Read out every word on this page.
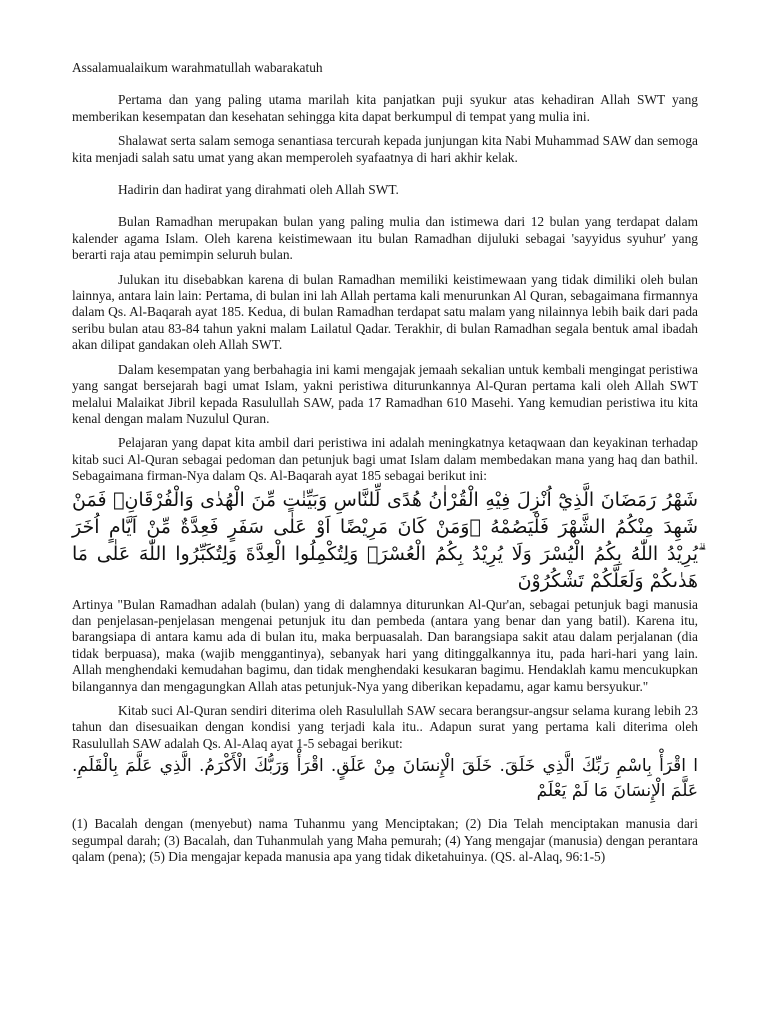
Assalamualaikum warahmatullah wabarakatuh

Pertama dan yang paling utama marilah kita panjatkan puji syukur atas kehadiran Allah SWT yang memberikan kesempatan dan kesehatan sehingga kita dapat berkumpul di tempat yang mulia ini.

Shalawat serta salam semoga senantiasa tercurah kepada junjungan kita Nabi Muhammad SAW dan semoga kita menjadi salah satu umat yang akan memperoleh syafaatnya di hari akhir kelak.

Hadirin dan hadirat yang dirahmati oleh Allah SWT.

Bulan Ramadhan merupakan bulan yang paling mulia dan istimewa dari 12 bulan yang terdapat dalam kalender agama Islam. Oleh karena keistimewaan itu bulan Ramadhan dijuluki sebagai 'sayyidus syuhur' yang berarti raja atau pemimpin seluruh bulan.

Julukan itu disebabkan karena di bulan Ramadhan memiliki keistimewaan yang tidak dimiliki oleh bulan lainnya, antara lain lain: Pertama, di bulan ini lah Allah pertama kali menurunkan Al Quran, sebagaimana firmannya dalam Qs. Al-Baqarah ayat 185. Kedua, di bulan Ramadhan terdapat satu malam yang nilainnya lebih baik dari pada seribu bulan atau 83-84 tahun yakni malam Lailatul Qadar. Terakhir, di bulan Ramadhan segala bentuk amal ibadah akan dilipat gandakan oleh Allah SWT.

Dalam kesempatan yang berbahagia ini kami mengajak jemaah sekalian untuk kembali mengingat peristiwa yang sangat bersejarah bagi umat Islam, yakni peristiwa diturunkannya Al-Quran pertama kali oleh Allah SWT melalui Malaikat Jibril kepada Rasulullah SAW, pada 17 Ramadhan 610 Masehi. Yang kemudian peristiwa itu kita kenal dengan malam Nuzulul Quran.

Pelajaran yang dapat kita ambil dari peristiwa ini adalah meningkatnya ketaqwaan dan keyakinan terhadap kitab suci Al-Quran sebagai pedoman dan petunjuk bagi umat Islam dalam membedakan mana yang haq dan bathil. Sebagaimana firman-Nya dalam Qs. Al-Baqarah ayat 185 sebagai berikut ini:

شَهْرُ رَمَضَانَ الَّذِيْٓ اُنْزِلَ فِيْهِ الْقُرْاٰنُ هُدًى لِّلنَّاسِ وَبَيِّنٰتٍ مِّنَ الْهُدٰى وَالْفُرْقَانِۚ فَمَنْ شَهِدَ مِنْكُمُ الشَّهْرَ فَلْيَصُمْهُ ۗوَمَنْ كَانَ مَرِيْضًا اَوْ عَلٰى سَفَرٍ فَعِدَّةٌ مِّنْ اَيَّامٍ اُخَرَ ۗيُرِيْدُ اللّٰهُ بِكُمُ الْيُسْرَ وَلَا يُرِيْدُ بِكُمُ الْعُسْرَۖ وَلِتُكْمِلُوا الْعِدَّةَ وَلِتُكَبِّرُوا اللّٰهَ عَلٰى مَا هَدٰىكُمْ وَلَعَلَّكُمْ تَشْكُرُوْنَ

Artinya "Bulan Ramadhan adalah (bulan) yang di dalamnya diturunkan Al-Qur'an, sebagai petunjuk bagi manusia dan penjelasan-penjelasan mengenai petunjuk itu dan pembeda (antara yang benar dan yang batil). Karena itu, barangsiapa di antara kamu ada di bulan itu, maka berpuasalah. Dan barangsiapa sakit atau dalam perjalanan (dia tidak berpuasa), maka (wajib menggantinya), sebanyak hari yang ditinggalkannya itu, pada hari-hari yang lain. Allah menghendaki kemudahan bagimu, dan tidak menghendaki kesukaran bagimu. Hendaklah kamu mencukupkan bilangannya dan mengagungkan Allah atas petunjuk-Nya yang diberikan kepadamu, agar kamu bersyukur."

Kitab suci Al-Quran sendiri diterima oleh Rasulullah SAW secara berangsur-angsur selama kurang lebih 23 tahun dan disesuaikan dengan kondisi yang terjadi kala itu.. Adapun surat yang pertama kali diterima oleh Rasulullah SAW adalah Qs. Al-Alaq ayat 1-5 sebagai berikut:

ا اقْرَأْ بِاسْمِ رَبِّكَ الَّذِي خَلَقَ. خَلَقَ الْإِنسَانَ مِنْ عَلَقٍ. اقْرَأْ وَرَبُّكَ الْأَكْرَمُ. الَّذِي عَلَّمَ بِالْقَلَمِ. عَلَّمَ الْإِنسَانَ مَا لَمْ يَعْلَمْ

(1) Bacalah dengan (menyebut) nama Tuhanmu yang Menciptakan; (2) Dia Telah menciptakan manusia dari segumpal darah; (3) Bacalah, dan Tuhanmulah yang Maha pemurah; (4) Yang mengajar (manusia) dengan perantara qalam (pena); (5) Dia mengajar kepada manusia apa yang tidak diketahuinya. (QS. al-Alaq, 96:1-5)
